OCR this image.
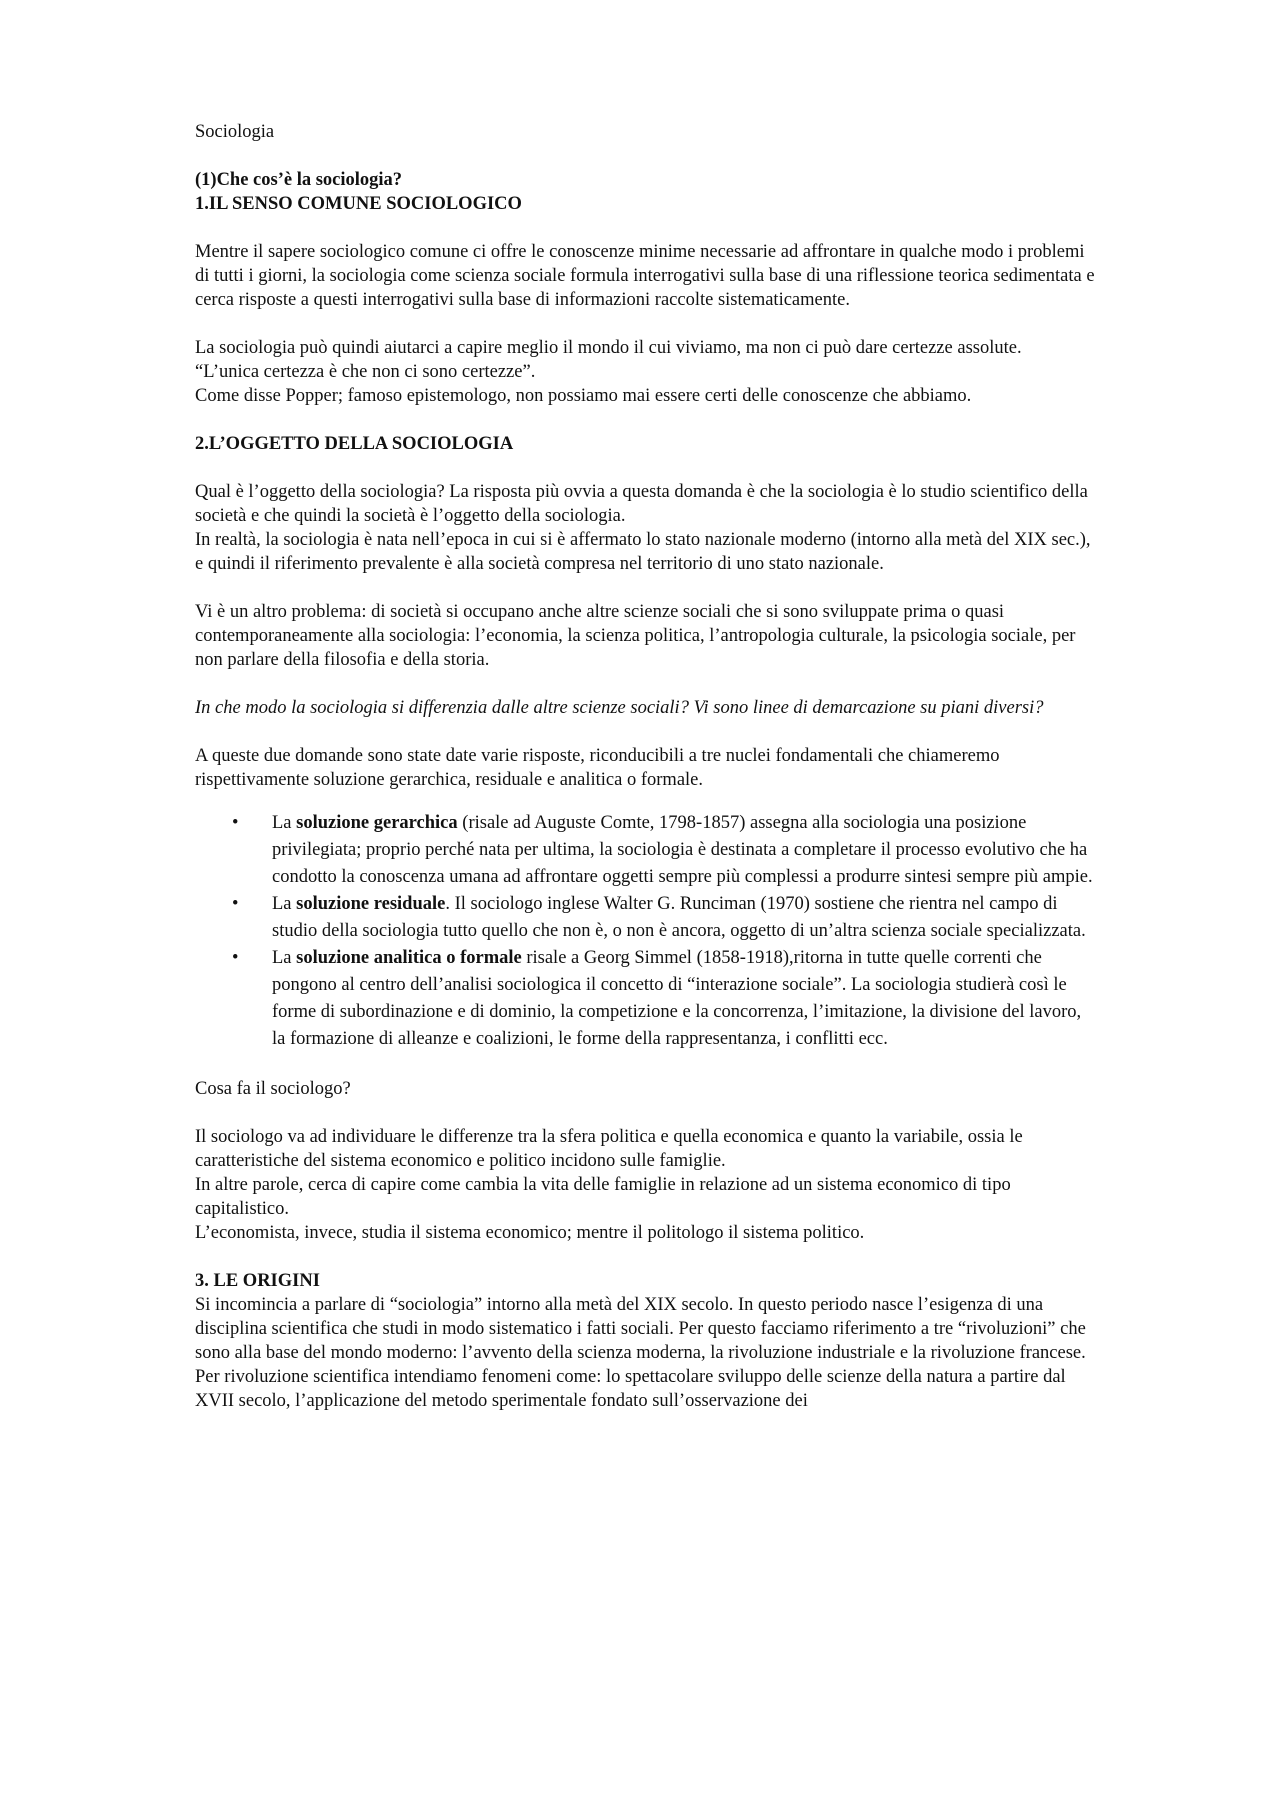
Sociologia

(1)Che cos’è la sociologia?

1.IL SENSO COMUNE SOCIOLOGICO

Mentre il sapere sociologico comune ci offre le conoscenze minime necessarie ad affrontare in qualche modo i problemi di tutti i giorni, la sociologia come scienza sociale formula interrogativi sulla base di una riflessione teorica sedimentata e cerca risposte a questi interrogativi sulla base di informazioni raccolte sistematicamente.

La sociologia può quindi aiutarci a capire meglio il mondo il cui viviamo, ma non ci può dare certezze assolute.

“L’unica certezza è che non ci sono certezze”.

Come disse Popper; famoso epistemologo, non possiamo mai essere certi delle conoscenze che abbiamo.

2.L’OGGETTO DELLA SOCIOLOGIA

Qual è l’oggetto della sociologia? La risposta più ovvia a questa domanda è che la sociologia è lo studio scientifico della società e che quindi la società è l’oggetto della sociologia.

In realtà, la sociologia è nata nell’epoca in cui si è affermato lo stato nazionale moderno (intorno alla metà del XIX sec.), e quindi il riferimento prevalente è alla società compresa nel territorio di uno stato nazionale.

Vi è un altro problema: di società si occupano anche altre scienze sociali che si sono sviluppate prima o quasi contemporaneamente alla sociologia: l’economia, la scienza politica, l’antropologia culturale, la psicologia sociale, per non parlare della filosofia e della storia.

In che modo la sociologia si differenzia dalle altre scienze sociali? Vi sono linee di demarcazione su piani diversi?

A queste due domande sono state date varie risposte, riconducibili a tre nuclei fondamentali che chiameremo rispettivamente soluzione gerarchica, residuale e analitica o formale.

• La soluzione gerarchica (risale ad Auguste Comte, 1798-1857) assegna alla sociologia una posizione privilegiata; proprio perché nata per ultima, la sociologia è destinata a completare il processo evolutivo che ha condotto la conoscenza umana ad affrontare oggetti sempre più complessi a produrre sintesi sempre più ampie.
• La soluzione residuale. Il sociologo inglese Walter G. Runciman (1970) sostiene che rientra nel campo di studio della sociologia tutto quello che non è, o non è ancora, oggetto di un’altra scienza sociale specializzata.
• La soluzione analitica o formale risale a Georg Simmel (1858-1918),ritorna in tutte quelle correnti che pongono al centro dell’analisi sociologica il concetto di “interazione sociale”. La sociologia studierà così le forme di subordinazione e di dominio, la competizione e la concorrenza, l’imitazione, la divisione del lavoro, la formazione di alleanze e coalizioni, le forme della rappresentanza, i conflitti ecc.

Cosa fa il sociologo?

Il sociologo va ad individuare le differenze tra la sfera politica e quella economica e quanto la variabile, ossia le caratteristiche del sistema economico e politico incidono sulle famiglie.

In altre parole, cerca di capire come cambia la vita delle famiglie in relazione ad un sistema economico di tipo capitalistico.

L’economista, invece, studia il sistema economico; mentre il politologo il sistema politico.

3. LE ORIGINI

Si incomincia a parlare di “sociologia” intorno alla metà del XIX secolo. In questo periodo nasce l’esigenza di una disciplina scientifica che studi in modo sistematico i fatti sociali. Per questo facciamo riferimento a tre “rivoluzioni” che sono alla base del mondo moderno: l’avvento della scienza moderna, la rivoluzione industriale e la rivoluzione francese.

Per rivoluzione scientifica intendiamo fenomeni come: lo spettacolare sviluppo delle scienze della natura a partire dal XVII secolo, l’applicazione del metodo sperimentale fondato sull’osservazione dei
